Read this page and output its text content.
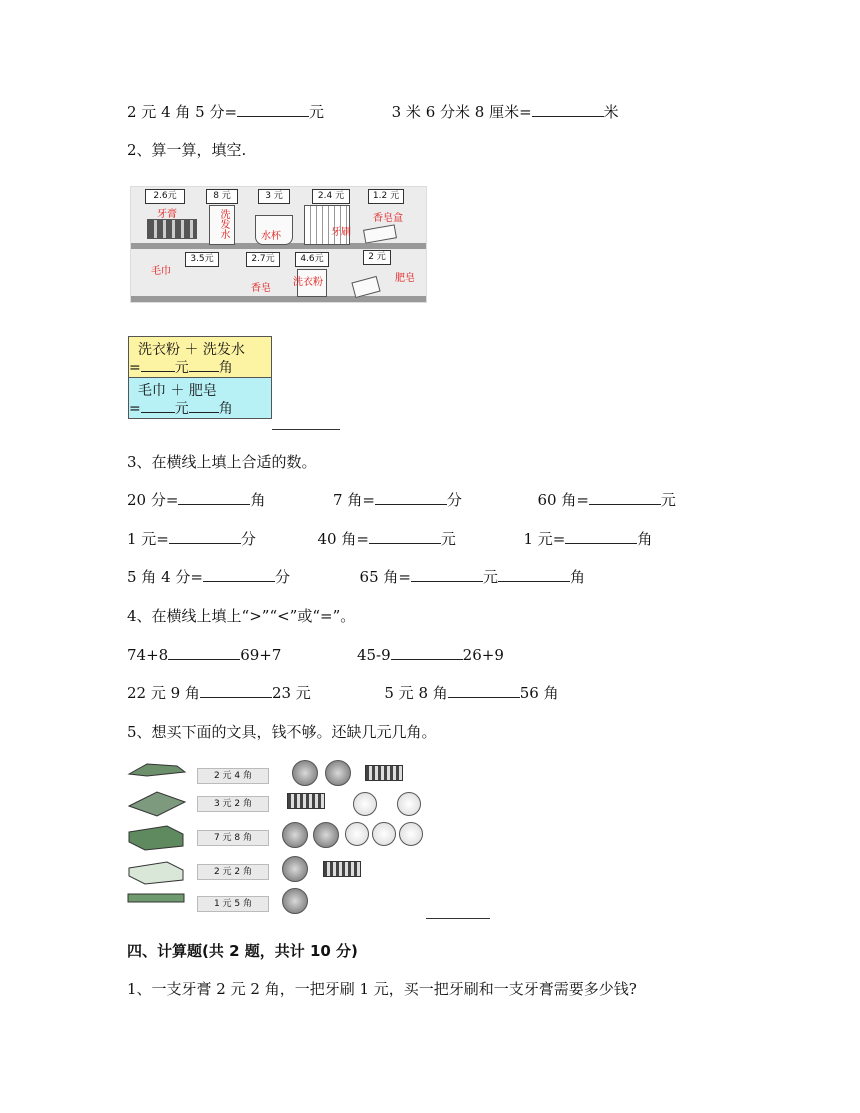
2 元 4 角 5 分=	元	3 米 6 分米 8 厘米=	米
2、算一算，填空.
2.6元	8 元	3 元	2.4 元	1.2 元
牙膏	洗发水	水杯	牙刷
香皂盒
3.5元	2.7元	4.6元	2 元
毛巾
香皂
洗衣粉	肥皂
洗衣粉 ＋ 洗发水
= 元 角
毛巾 ＋ 肥皂
= 元 角
3、在横线上填上合适的数。
20 分=	角	7 角=	分	60 角=	元
1 元=	分	40 角=	元	1 元=	角
5 角 4 分=	分	65 角=	元	角
4、在横线上填上“>”“<”或“=”。
74+8	69+7	45-9	26+9
22 元 9 角	23 元	5 元 8 角	56 角
5、想买下面的文具，钱不够。还缺几元几角。
2 元 4 角
3 元 2 角
7 元 8 角
2 元 2 角
1 元 5 角
四、计算题(共 2 题，共计 10 分)
1、一支牙膏 2 元 2 角，一把牙刷 1 元，买一把牙刷和一支牙膏需要多少钱?
